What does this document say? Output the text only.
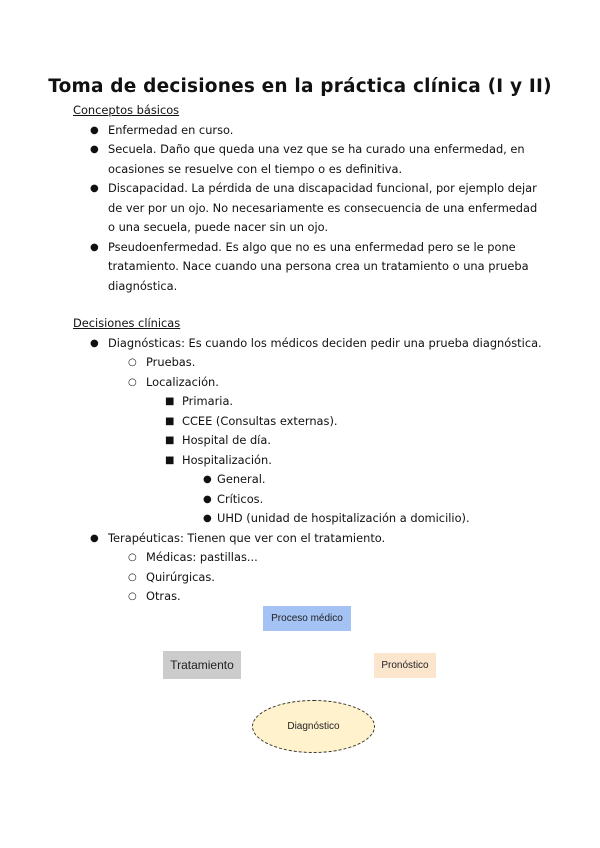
Toma de decisiones en la práctica clínica (I y II)
Conceptos básicos
● Enfermedad en curso.
● Secuela. Daño que queda una vez que se ha curado una enfermedad, en
ocasiones se resuelve con el tiempo o es definitiva.
● Discapacidad. La pérdida de una discapacidad funcional, por ejemplo dejar
de ver por un ojo. No necesariamente es consecuencia de una enfermedad
o una secuela, puede nacer sin un ojo.
● Pseudoenfermedad. Es algo que no es una enfermedad pero se le pone
tratamiento. Nace cuando una persona crea un tratamiento o una prueba
diagnóstica.
Decisiones clínicas
● Diagnósticas: Es cuando los médicos deciden pedir una prueba diagnóstica.
○ Pruebas.
○ Localización.
■ Primaria.
■ CCEE (Consultas externas).
■ Hospital de día.
■ Hospitalización.
● General.
● Críticos.
● UHD (unidad de hospitalización a domicilio).
● Terapéuticas: Tienen que ver con el tratamiento.
○ Médicas: pastillas...
○ Quirúrgicas.
○ Otras.
Proceso médico
Tratamiento	Pronóstico
Diagnóstico
